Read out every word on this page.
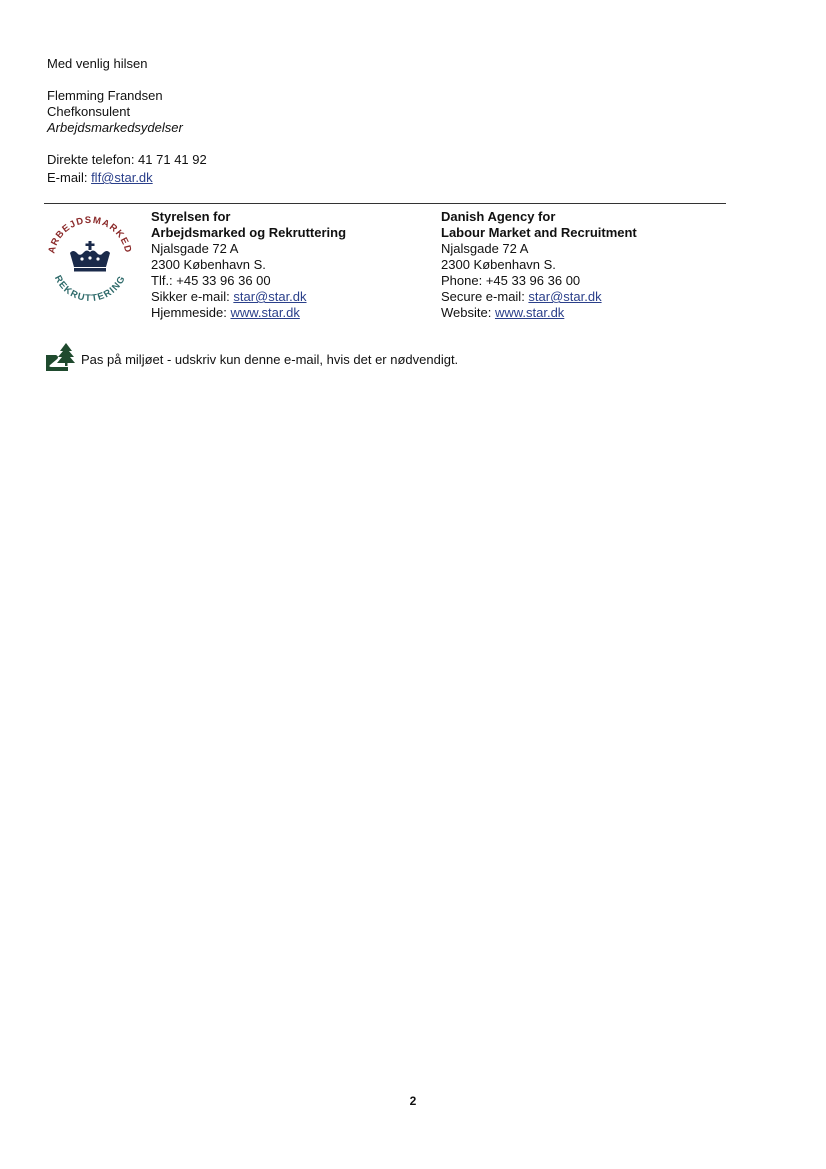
Med venlig hilsen
Flemming Frandsen
Chefkonsulent
Arbejdsmarkedsydelser
Direkte telefon: 41 71 41 92
E-mail: flf@star.dk
ARBEJDSMARKED
REKRUTTERING
Styrelsen for
Arbejdsmarked og Rekruttering
Njalsgade 72 A
2300 København S.
Tlf.: +45 33 96 36 00
Sikker e-mail: star@star.dk
Hjemmeside: www.star.dk
Danish Agency for
Labour Market and Recruitment
Njalsgade 72 A
2300 København S.
Phone: +45 33 96 36 00
Secure e-mail: star@star.dk
Website: www.star.dk
Pas på miljøet - udskriv kun denne e-mail, hvis det er nødvendigt.
2
